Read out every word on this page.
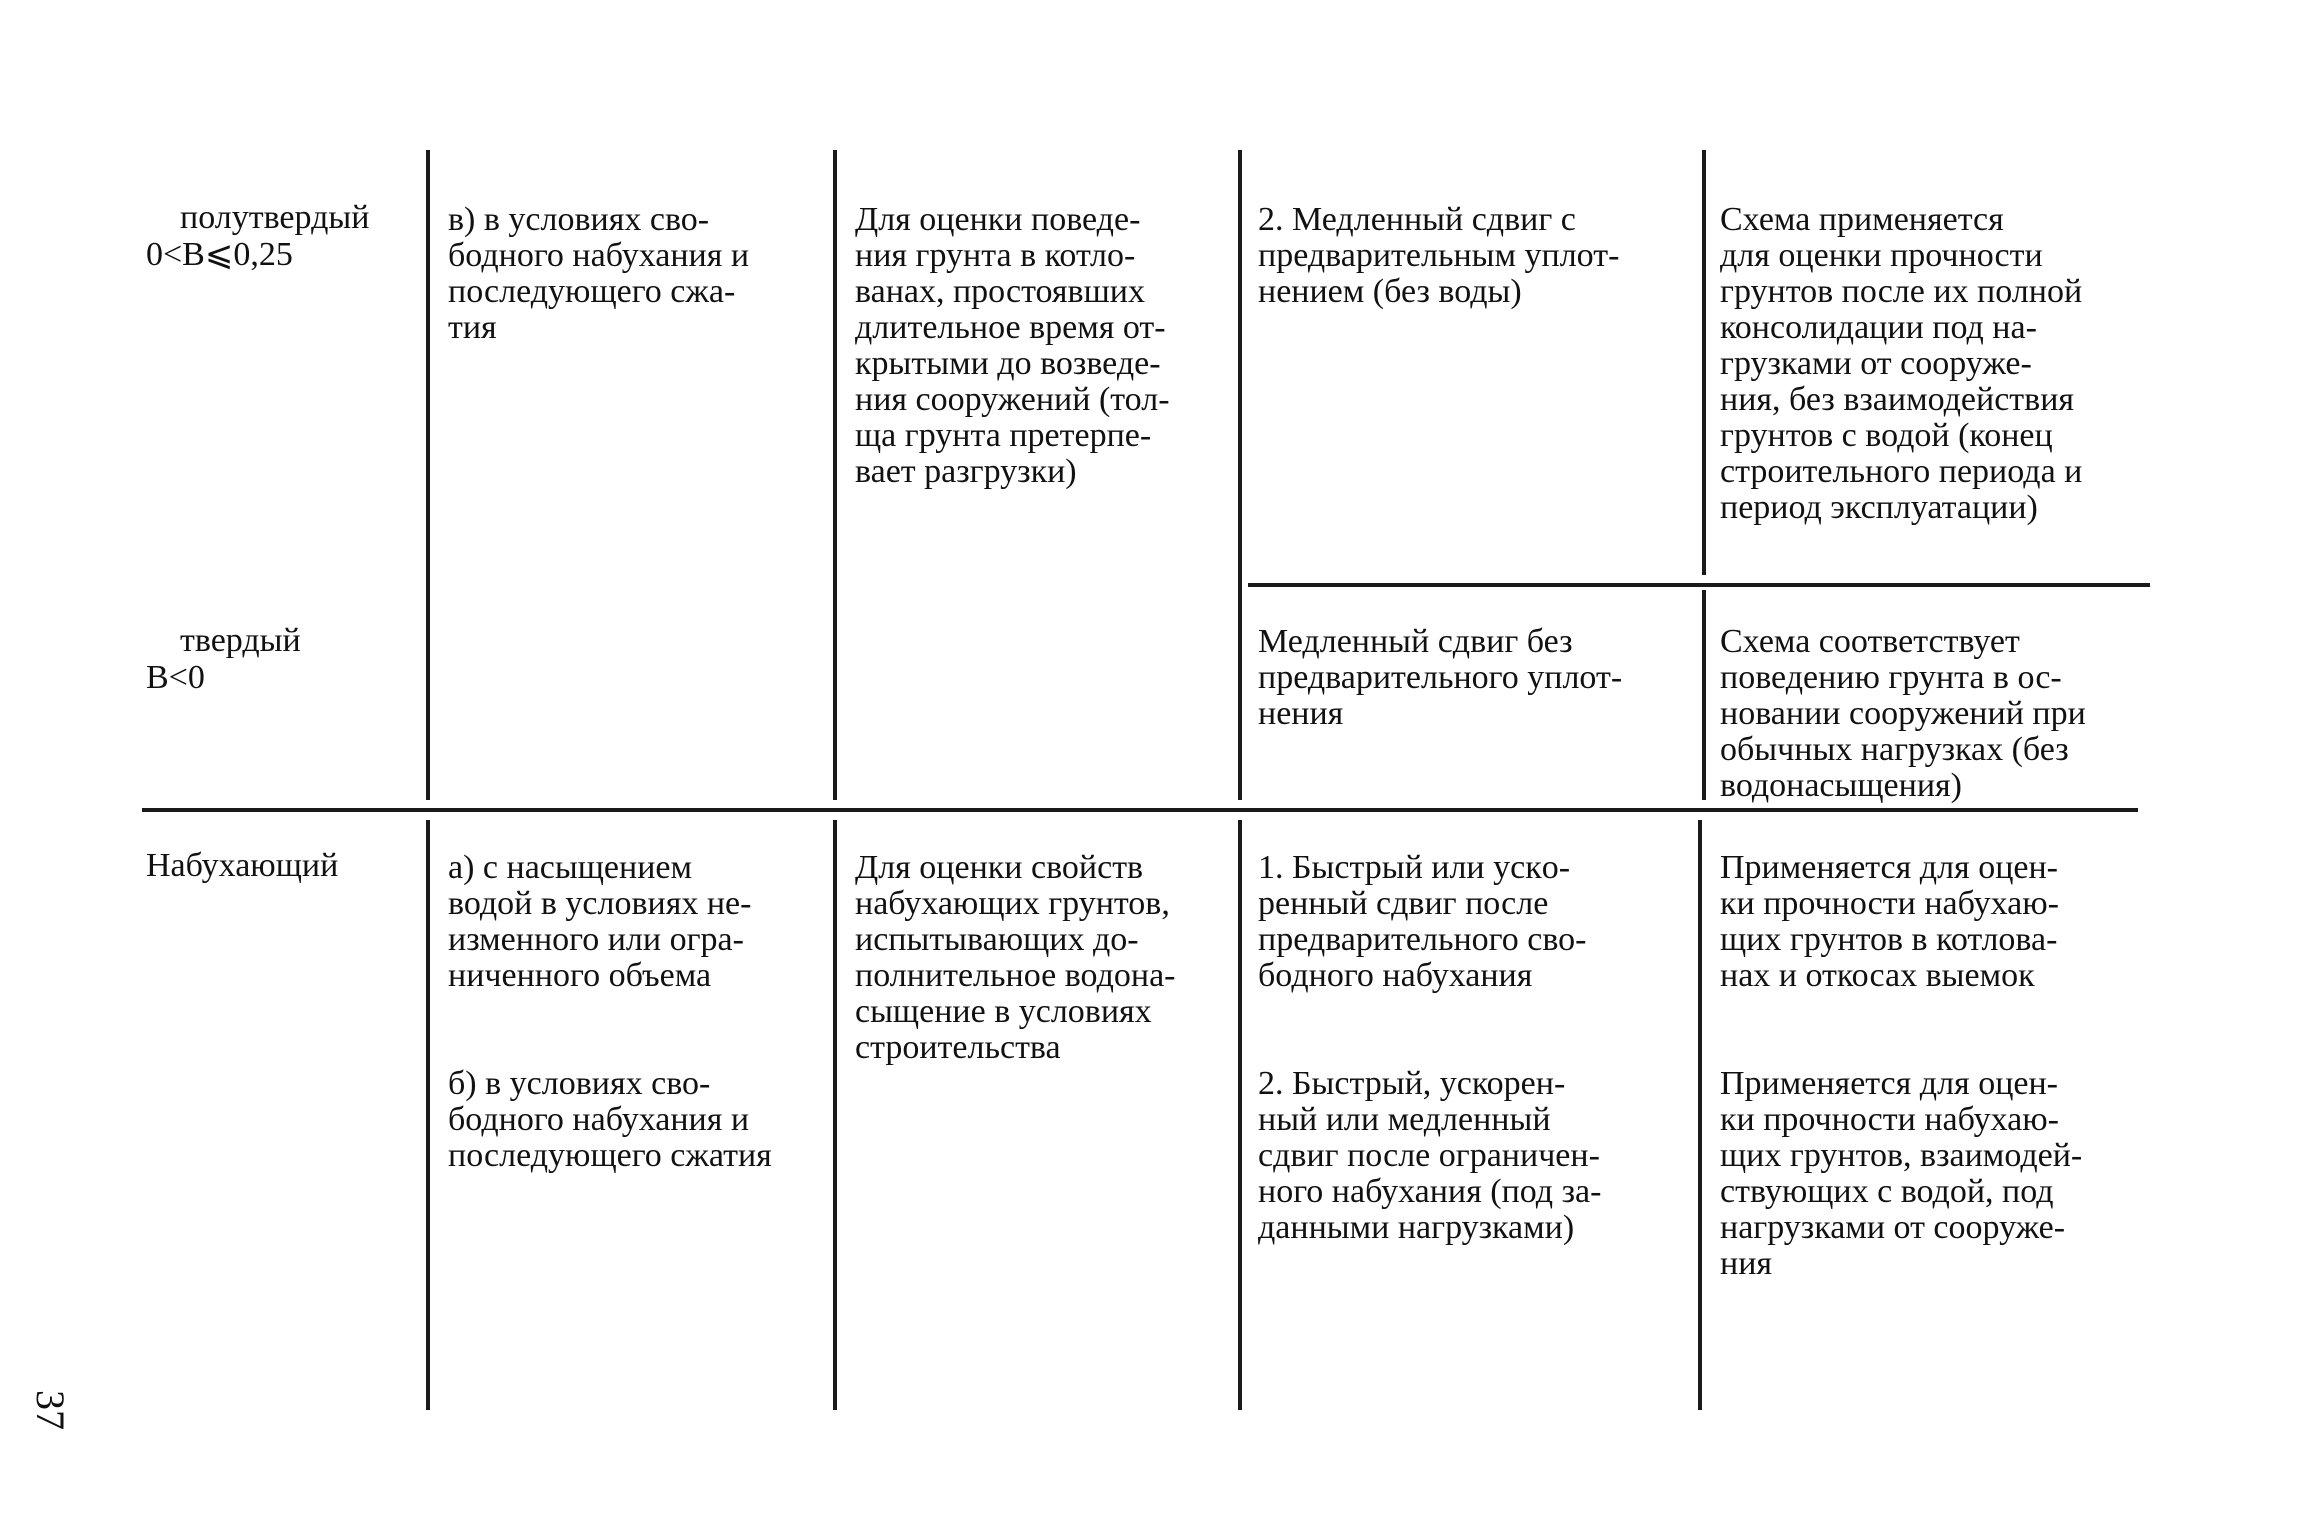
полутвердый
0<B⩽0,25
в) в условиях сво-
бодного набухания и
последующего сжа-
тия
Для оценки поведе-
ния грунта в котло-
ванах, простоявших
длительное время от-
крытыми до возведе-
ния сооружений (тол-
ща грунта претерпе-
вает разгрузки)
2. Медленный сдвиг с
предварительным уплот-
нением (без воды)
Схема применяется
для оценки прочности
грунтов после их полной
консолидации под на-
грузками от сооруже-
ния, без взаимодействия
грунтов с водой (конец
строительного периода и
период эксплуатации)
твердый
B<0
Медленный сдвиг без
предварительного уплот-
нения
Схема соответствует
поведению грунта в ос-
новании сооружений при
обычных нагрузках (без
водонасыщения)
Набухающий	а) с насыщением
водой в условиях не-
изменного или огра-
ниченного объема
б) в условиях сво-
бодного набухания и
последующего сжатия
Для оценки свойств
набухающих грунтов,
испытывающих до-
полнительное водона-
сыщение в условиях
строительства
1. Быстрый или ускo-
ренный сдвиг после
предварительного сво-
бодного набухания
2. Быстрый, ускорен-
ный или медленный
сдвиг после ограничен-
ного набухания (под за-
данными нагрузками)
Применяется для оцен-
ки прочности набухаю-
щих грунтов в котлова-
нах и откосах выемок
Применяется для оцен-
ки прочности набухаю-
щих грунтов, взаимодей-
ствующих с водой, под
нагрузками от сооруже-
ния
37
